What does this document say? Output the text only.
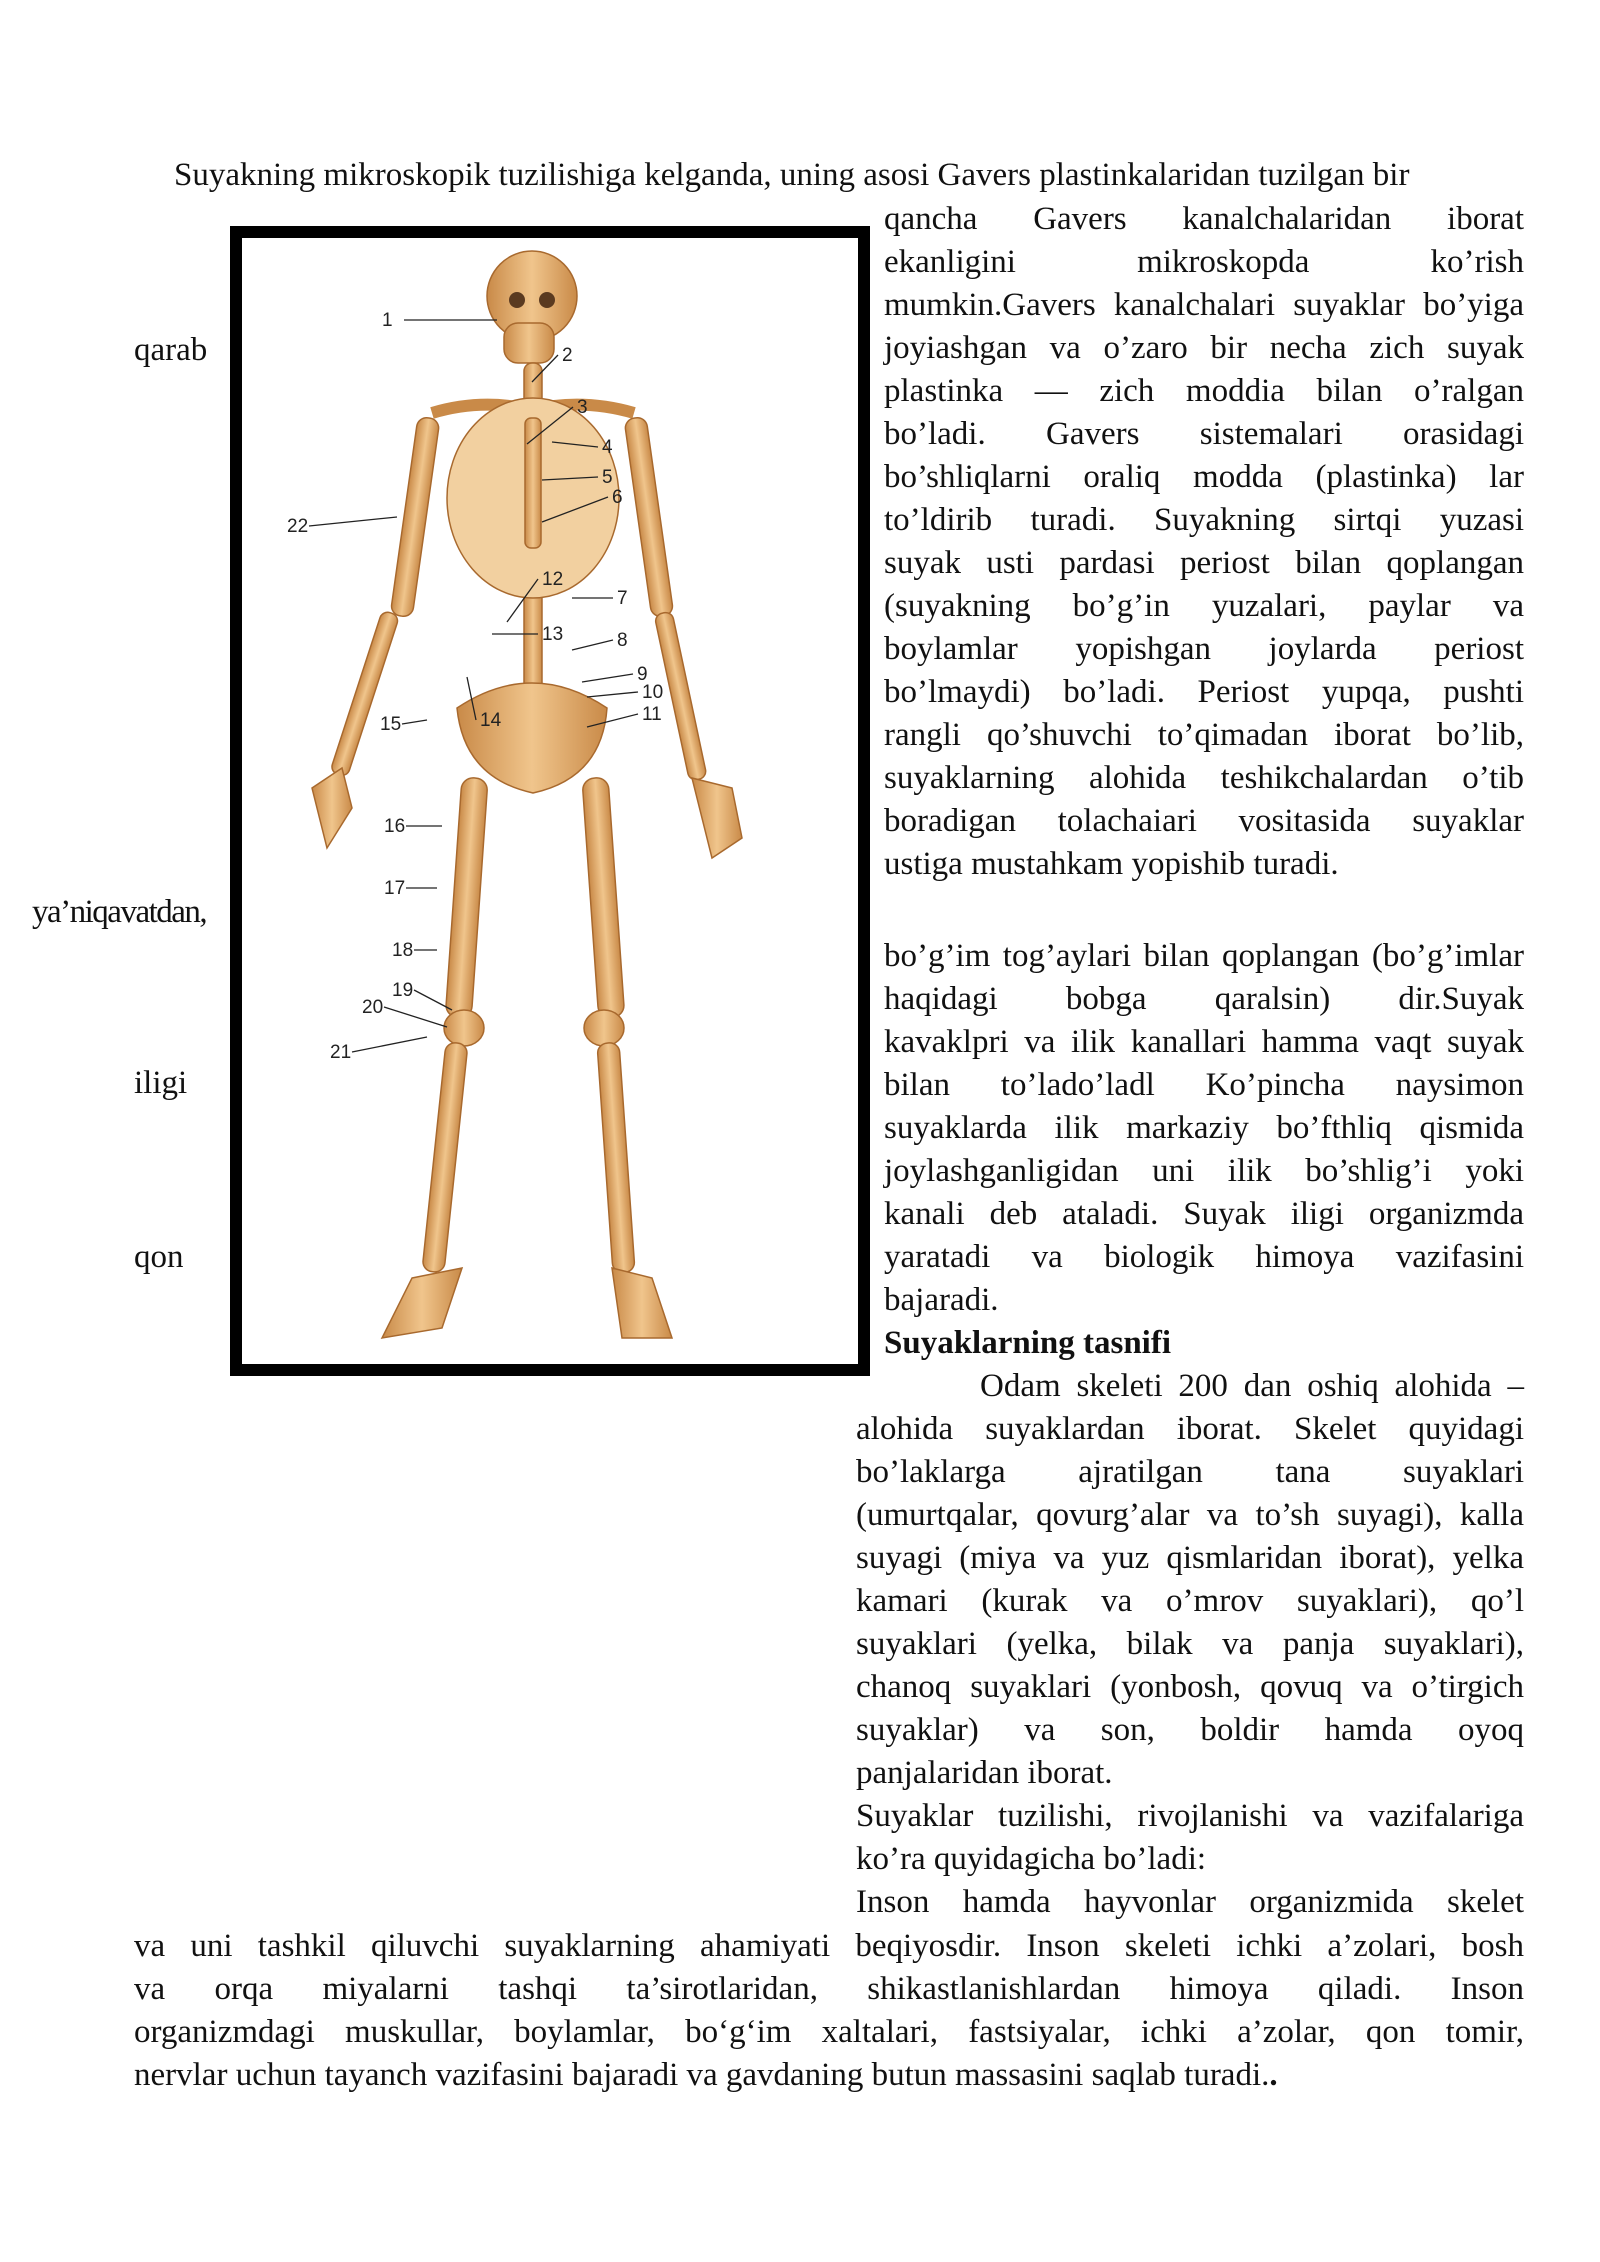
Suyakning mikroskopik tuzilishiga kelganda, uning asosi Gavers plastinkalaridan tuzilgan bir
qancha Gavers kanalchalaridan iborat
ekanligini mikroskopda ko’rish
mumkin.Gavers kanalchalari suyaklar bo’yiga
joyiashgan va o’zaro bir necha zich suyak
plastinka — zich moddia bilan o’ralgan
bo’ladi. Gavers sistemalari orasidagi
bo’shliqlarni oraliq modda (plastinka) lar
to’ldirib turadi. Suyakning sirtqi yuzasi
suyak usti pardasi periost bilan qoplangan
(suyakning bo’g’in yuzalari, paylar va
boylamlar yopishgan joylarda periost
bo’lmaydi) bo’ladi. Periost yupqa, pushti
rangli qo’shuvchi to’qimadan iborat bo’lib,
suyaklarning alohida teshikchalardan o’tib
boradigan tolachaiari vositasida suyaklar
ustiga mustahkam yopishib turadi.
qarab
ya’niqavatdan,
iligi
qon
bo’g’im tog’aylari bilan qoplangan (bo’g’imlar
haqidagi bobga qaralsin) dir.Suyak
kavaklpri va ilik kanallari hamma vaqt suyak
bilan to’lado’ladl Ko’pincha naysimon
suyaklarda ilik markaziy bo’fthliq qismida
joylashganligidan uni ilik bo’shlig’i yoki
kanali deb ataladi. Suyak iligi organizmda
yaratadi va biologik himoya vazifasini
bajaradi.
Suyaklarning tasnifi
Odam skeleti 200 dan oshiq alohida –
alohida suyaklardan iborat. Skelet quyidagi
bo’laklarga ajratilgan tana suyaklari
(umurtqalar, qovurg’alar va to’sh suyagi), kalla
suyagi (miya va yuz qismlaridan iborat), yelka
kamari (kurak va o’mrov suyaklari), qo’l
suyaklari (yelka, bilak va panja suyaklari),
chanoq suyaklari (yonbosh, qovuq va o’tirgich
suyaklar) va son, boldir hamda oyoq
panjalaridan iborat.
Suyaklar tuzilishi, rivojlanishi va vazifalariga
ko’ra quyidagicha bo’ladi:
Inson hamda hayvonlar organizmida skelet
va uni tashkil qiluvchi suyaklarning ahamiyati beqiyosdir. Inson skeleti ichki a’zolari, bosh
va orqa miyalarni tashqi ta’sirotlaridan, shikastlanishlardan himoya qiladi. Inson
organizmdagi muskullar, boylamlar, bo‘g‘im xaltalari, fastsiyalar, ichki a’zolar, qon tomir,
nervlar uchun tayanch vazifasini bajaradi va gavdaning butun massasini saqlab turadi..
1
2
3
4
5
6
7
8
9
10
11
12
13
14
15
16
17
18
19
20
21
22
